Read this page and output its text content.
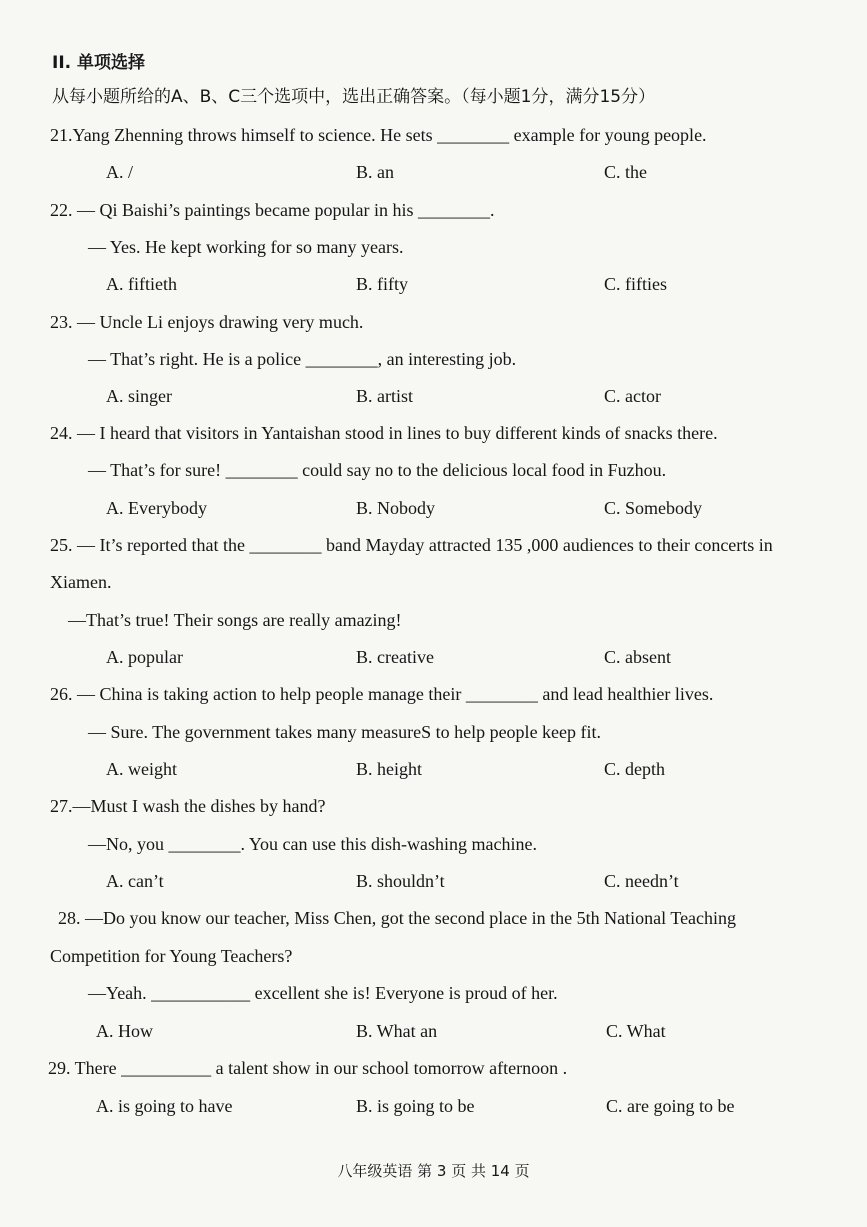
II. 单项选择
从每小题所给的A、B、C三个选项中，选出正确答案。（每小题1分，满分15分）
21.Yang Zhenning throws himself to science. He sets ________ example for young people.
A. /	B. an	C. the
22. — Qi Baishi’s paintings became popular in his ________.
— Yes. He kept working for so many years.
A. fiftieth	B. fifty	C. fifties
23. — Uncle Li enjoys drawing very much.
— That’s right. He is a police ________, an interesting job.
A. singer	B. artist	C. actor
24. — I heard that visitors in Yantaishan stood in lines to buy different kinds of snacks there.
— That’s for sure! ________ could say no to the delicious local food in Fuzhou.
A. Everybody	B. Nobody	C. Somebody
25. — It’s reported that the ________ band Mayday attracted 135 ,000 audiences to their concerts in
Xiamen.
—That’s true! Their songs are really amazing!
A. popular	B. creative	C. absent
26. — China is taking action to help people manage their ________ and lead healthier lives.
— Sure. The government takes many measureS to help people keep fit.
A. weight	B. height	C. depth
27.—Must I wash the dishes by hand?
—No, you ________. You can use this dish-washing machine.
A. can’t	B. shouldn’t	C. needn’t
28. —Do you know our teacher, Miss Chen, got the second place in the 5th National Teaching
Competition for Young Teachers?
—Yeah. ___________ excellent she is! Everyone is proud of her.
A. How	B. What an	C. What
29. There __________ a talent show in our school tomorrow afternoon .
A. is going to have	B. is going to be	C. are going to be
八年级英语 第 3 页 共 14 页
